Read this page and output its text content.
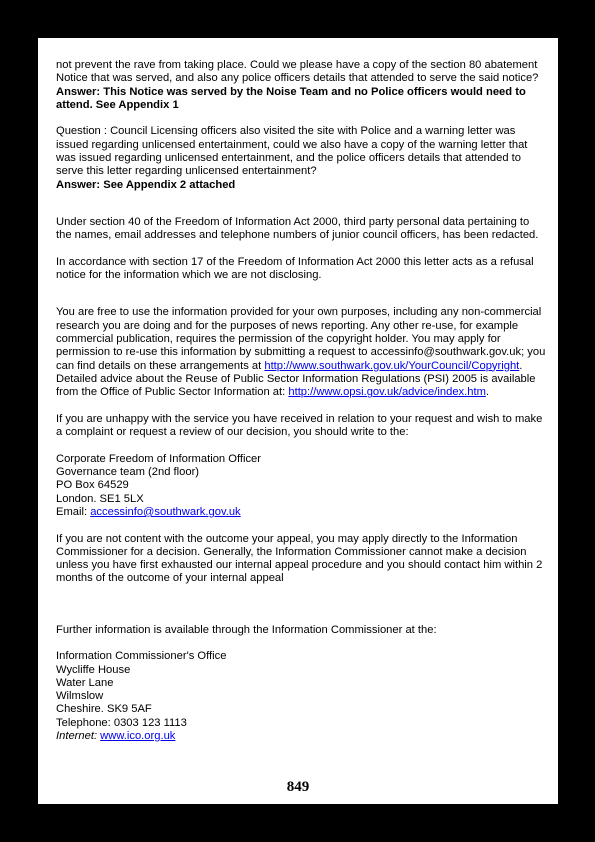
not prevent the rave from taking place. Could we please have a copy of the section 80 abatement Notice that was served, and also any police officers details that attended to serve the said notice?

Answer: This Notice was served by the Noise Team and no Police officers would need to attend. See Appendix 1

Question : Council Licensing officers also visited the site with Police and a warning letter was issued regarding unlicensed entertainment, could we also have a copy of the warning letter that was issued regarding unlicensed entertainment, and the police officers details that attended to serve this letter regarding unlicensed entertainment?

Answer: See Appendix 2 attached

Under section 40 of the Freedom of Information Act 2000, third party personal data pertaining to the names, email addresses and telephone numbers of junior council officers, has been redacted.

In accordance with section 17 of the Freedom of Information Act 2000 this letter acts as a refusal notice for the information which we are not disclosing.

You are free to use the information provided for your own purposes, including any non-commercial research you are doing and for the purposes of news reporting. Any other re-use, for example commercial publication, requires the permission of the copyright holder. You may apply for permission to re-use this information by submitting a request to accessinfo@southwark.gov.uk; you can find details on these arrangements at http://www.southwark.gov.uk/YourCouncil/Copyright. Detailed advice about the Reuse of Public Sector Information Regulations (PSI) 2005 is available from the Office of Public Sector Information at: http://www.opsi.gov.uk/advice/index.htm.

If you are unhappy with the service you have received in relation to your request and wish to make a complaint or request a review of our decision, you should write to the:

Corporate Freedom of Information Officer

Governance team (2nd floor)

PO Box 64529

London. SE1 5LX

Email: accessinfo@southwark.gov.uk

If you are not content with the outcome your appeal, you may apply directly to the Information Commissioner for a decision. Generally, the Information Commissioner cannot make a decision unless you have first exhausted our internal appeal procedure and you should contact him within 2 months of the outcome of your internal appeal

Further information is available through the Information Commissioner at the:

Information Commissioner's Office

Wycliffe House

Water Lane

Wilmslow

Cheshire. SK9 5AF

Telephone: 0303 123 1113

Internet: www.ico.org.uk

849
